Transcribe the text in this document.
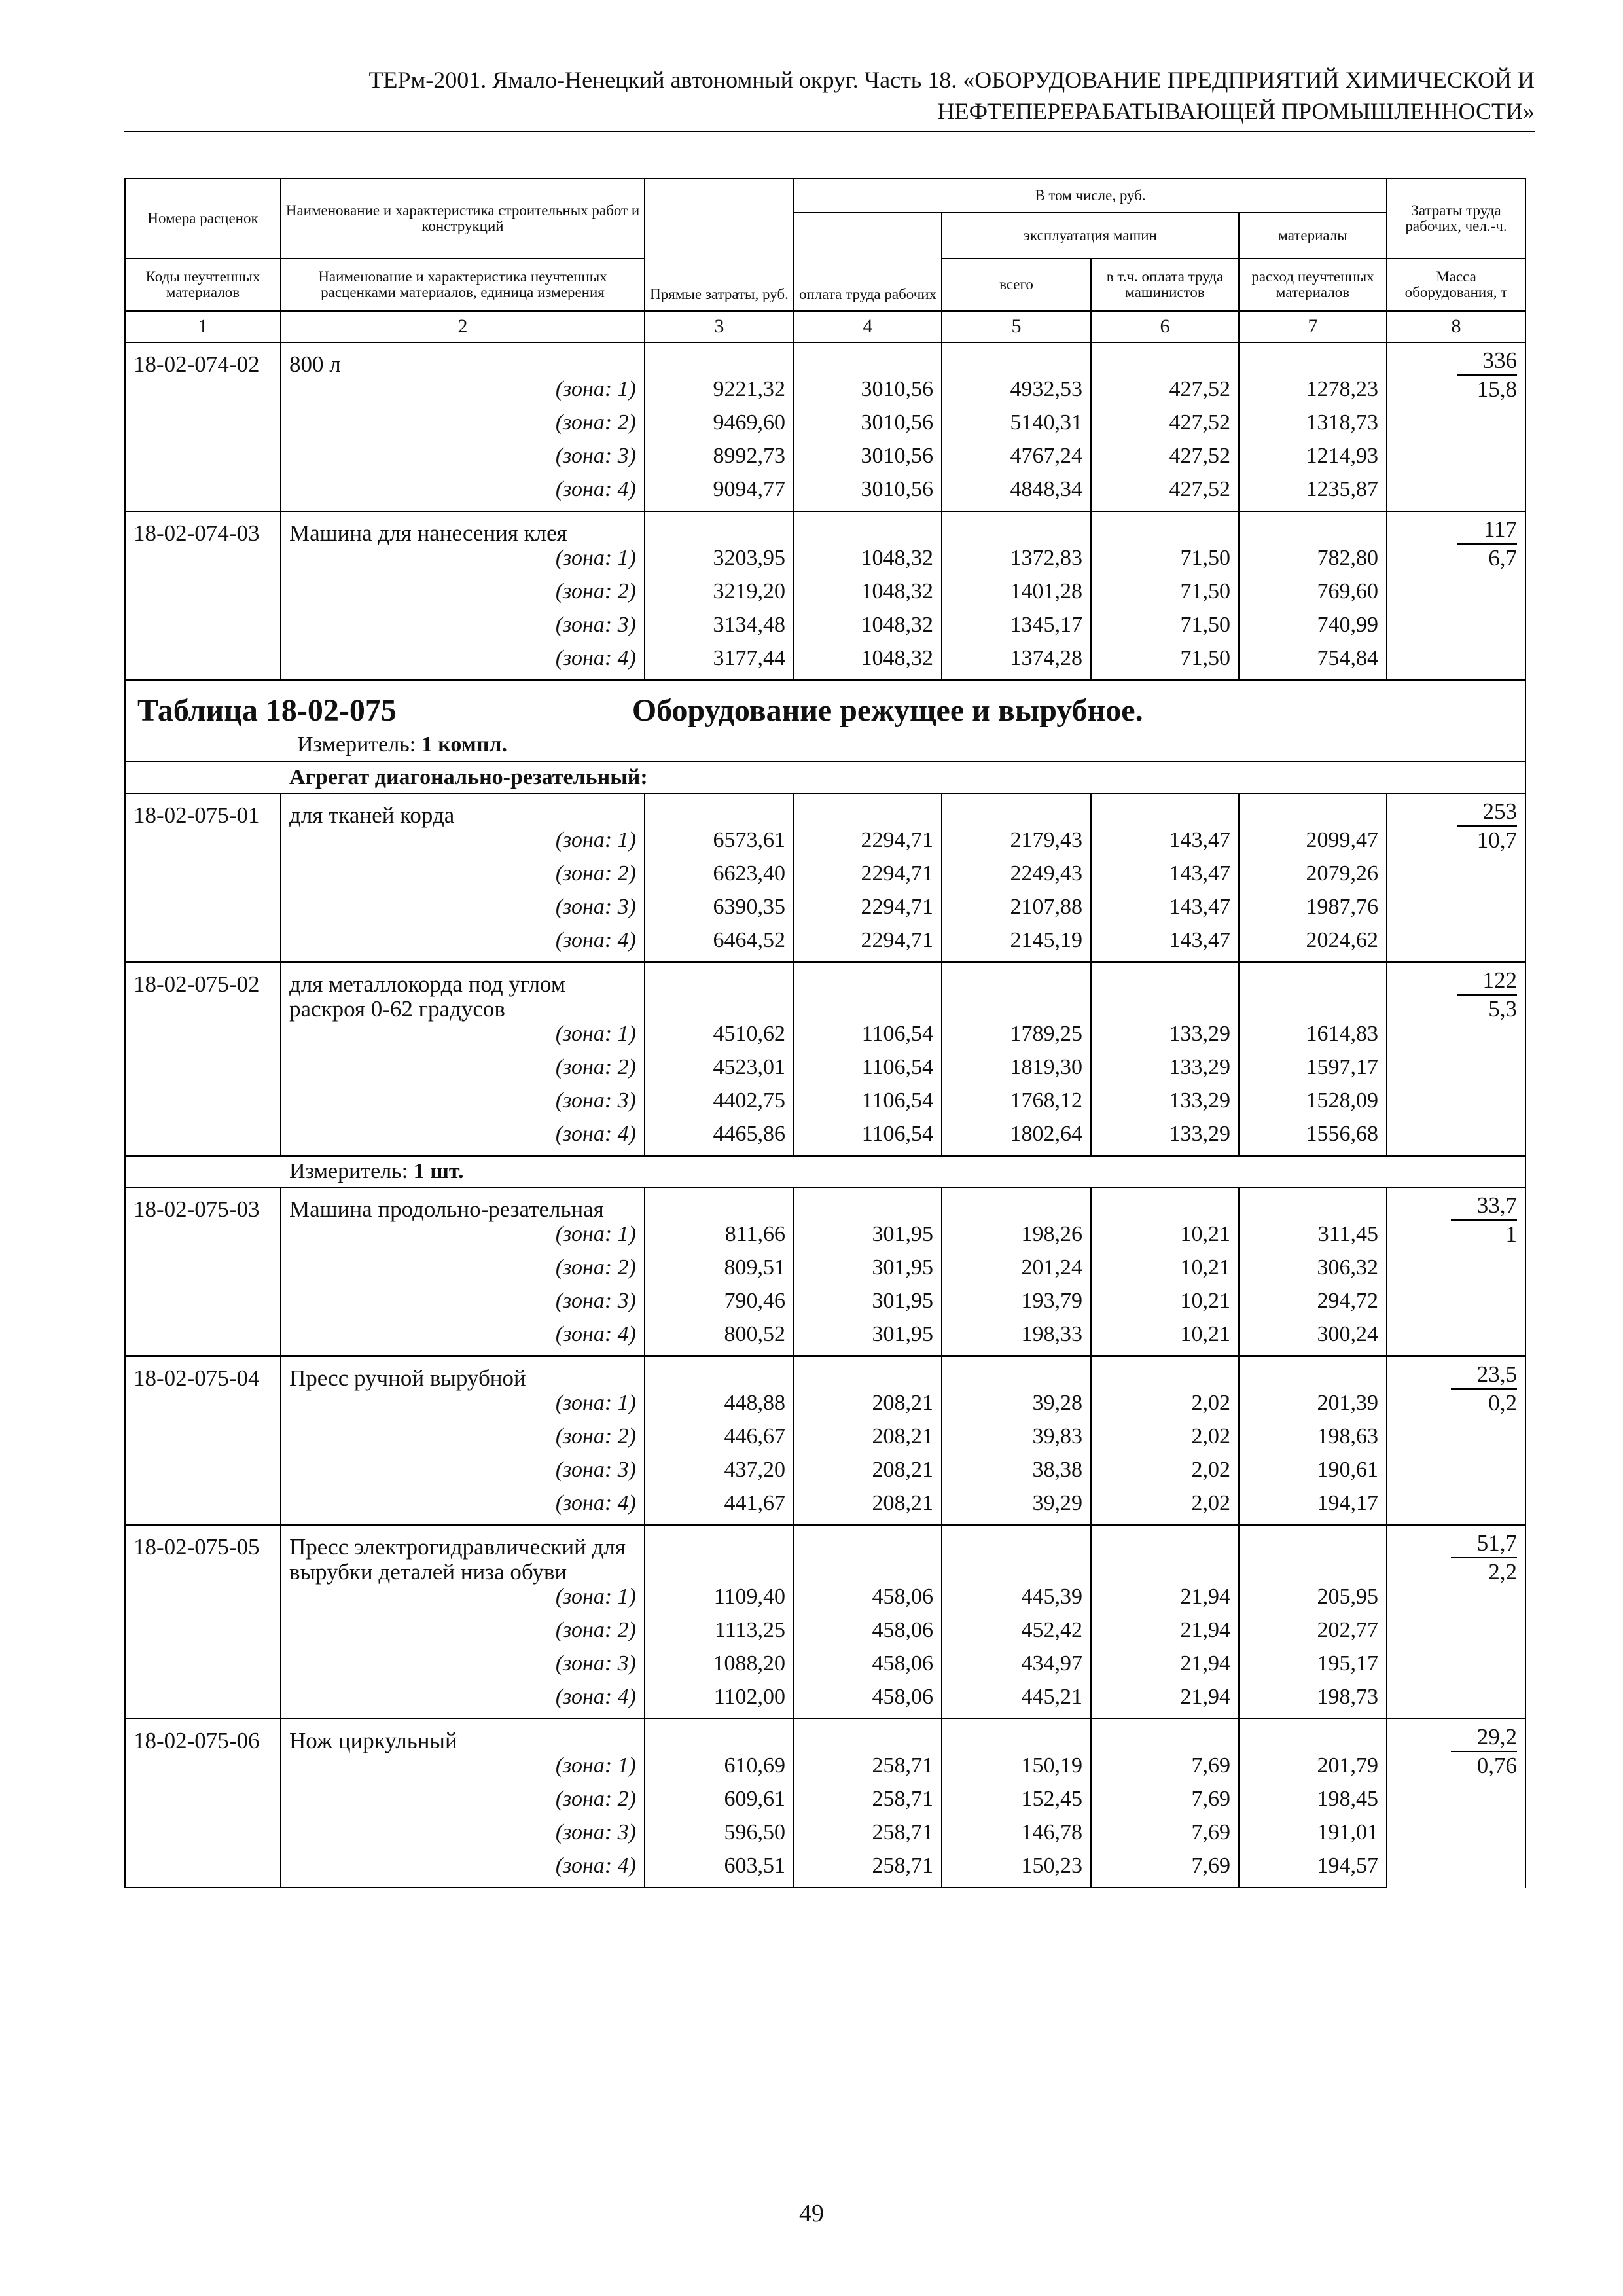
ТЕРм-2001. Ямало-Ненецкий автономный округ. Часть 18. «ОБОРУДОВАНИЕ ПРЕДПРИЯТИЙ ХИМИЧЕСКОЙ И
НЕФТЕПЕРЕРАБАТЫВАЮЩЕЙ ПРОМЫШЛЕННОСТИ»
Номера расценок	Наименование и характеристика строительных работ и конструкций	Прямые затраты, руб.	В том числе, руб.				Затраты труда рабочих, чел.-ч.

			оплата труда рабочих	эксплуатация машин		материалы	

Коды неучтенных материалов	Наименование и характеристика неучтенных расценками материалов, единица измерения			всего	в т.ч. оплата труда машинистов	расход неучтенных материалов	Масса оборудования, т
1	2	3	4	5	6	7	8
18-02-074-02	800 л						336
15,8

	(зона: 1)	9221,32	3010,56	4932,53	427,52	1278,23	
	(зона: 2)	9469,60	3010,56	5140,31	427,52	1318,73	
	(зона: 3)	8992,73	3010,56	4767,24	427,52	1214,93	
	(зона: 4)	9094,77	3010,56	4848,34	427,52	1235,87	
18-02-074-03	Машина для нанесения клея						117
6,7

	(зона: 1)	3203,95	1048,32	1372,83	71,50	782,80	
	(зона: 2)	3219,20	1048,32	1401,28	71,50	769,60	
	(зона: 3)	3134,48	1048,32	1345,17	71,50	740,99	
	(зона: 4)	3177,44	1048,32	1374,28	71,50	754,84	
Таблица 18-02-075 Оборудование режущее и вырубное.
Измеритель: 1 компл.							

Агрегат диагонально-резательный:							
18-02-075-01	для тканей корда						253
10,7

	(зона: 1)	6573,61	2294,71	2179,43	143,47	2099,47	
	(зона: 2)	6623,40	2294,71	2249,43	143,47	2079,26	
	(зона: 3)	6390,35	2294,71	2107,88	143,47	1987,76	
	(зона: 4)	6464,52	2294,71	2145,19	143,47	2024,62	
18-02-075-02	для металлокорда под углом раскроя 0-62 градусов						122
5,3

	(зона: 1)	4510,62	1106,54	1789,25	133,29	1614,83	
	(зона: 2)	4523,01	1106,54	1819,30	133,29	1597,17	
	(зона: 3)	4402,75	1106,54	1768,12	133,29	1528,09	
	(зона: 4)	4465,86	1106,54	1802,64	133,29	1556,68	
Измеритель: 1 шт.							
18-02-075-03	Машина продольно-резательная						33,7
1

	(зона: 1)	811,66	301,95	198,26	10,21	311,45	
	(зона: 2)	809,51	301,95	201,24	10,21	306,32	
	(зона: 3)	790,46	301,95	193,79	10,21	294,72	
	(зона: 4)	800,52	301,95	198,33	10,21	300,24	
18-02-075-04	Пресс ручной вырубной						23,5
0,2

	(зона: 1)	448,88	208,21	39,28	2,02	201,39	
	(зона: 2)	446,67	208,21	39,83	2,02	198,63	
	(зона: 3)	437,20	208,21	38,38	2,02	190,61	
	(зона: 4)	441,67	208,21	39,29	2,02	194,17	
18-02-075-05	Пресс электрогидравлический для вырубки деталей низа обуви						51,7
2,2

	(зона: 1)	1109,40	458,06	445,39	21,94	205,95	
	(зона: 2)	1113,25	458,06	452,42	21,94	202,77	
	(зона: 3)	1088,20	458,06	434,97	21,94	195,17	
	(зона: 4)	1102,00	458,06	445,21	21,94	198,73	
18-02-075-06	Нож циркульный						29,2
0,76

	(зона: 1)	610,69	258,71	150,19	7,69	201,79	
	(зона: 2)	609,61	258,71	152,45	7,69	198,45	
	(зона: 3)	596,50	258,71	146,78	7,69	191,01	
	(зона: 4)	603,51	258,71	150,23	7,69	194,57	
49
